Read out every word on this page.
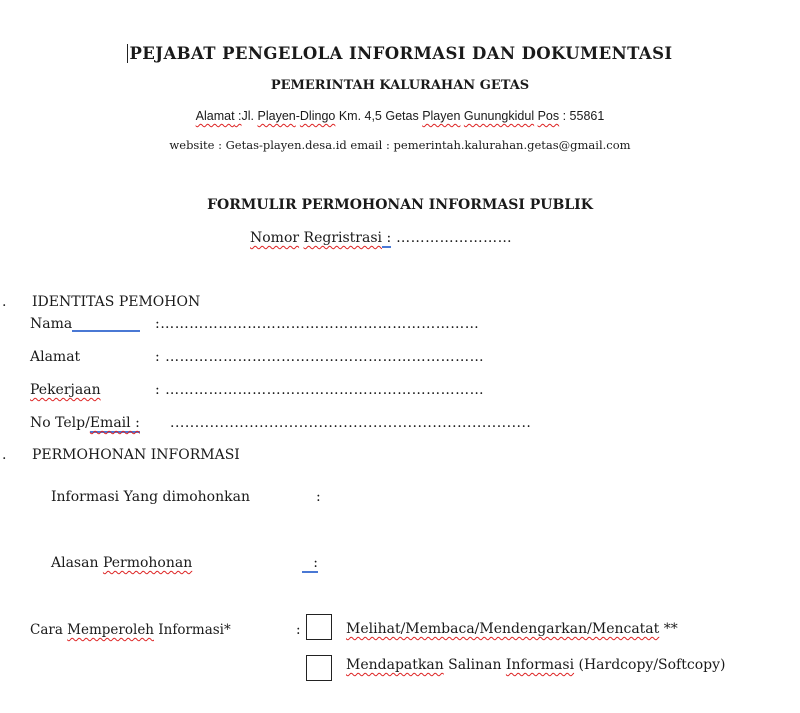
PEJABAT PENGELOLA INFORMASI DAN DOKUMENTASI
PEMERINTAH KALURAHAN GETAS
Alamat :Jl. Playen-Dlingo Km. 4,5 Getas Playen Gunungkidul Pos : 55861
website : Getas-playen.desa.id email : pemerintah.kalurahan.getas@gmail.com
FORMULIR PERMOHONAN INFORMASI PUBLIK
Nomor Regristrasi : ……………………
. IDENTITAS PEMOHON
Nama	:…………………………………………………………
Alamat	: …………………………………………………………
Pekerjaan	: …………………………………………………………
No Telp/Email : .........................................................................
. PERMOHONAN INFORMASI
Informasi Yang dimohonkan	:
Alasan Permohonan	:
Cara Memperoleh Informasi*	:	Melihat/Membaca/Mendengarkan/Mencatat **
Mendapatkan Salinan Informasi (Hardcopy/Softcopy)
